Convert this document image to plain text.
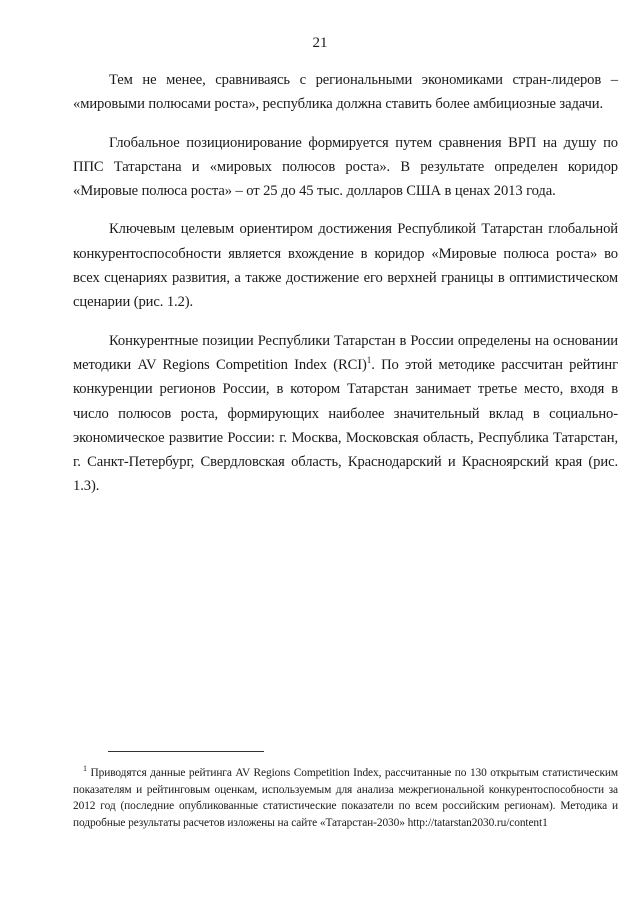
21

Тем не менее, сравниваясь с региональными экономиками стран-лидеров – «мировыми полюсами роста», республика должна ставить более амбициозные задачи.

Глобальное позиционирование формируется путем сравнения ВРП на душу по ППС Татарстана и «мировых полюсов роста». В результате определен коридор «Мировые полюса роста» – от 25 до 45 тыс. долларов США в ценах 2013 года.

Ключевым целевым ориентиром достижения Республикой Татарстан глобальной конкурентоспособности является вхождение в коридор «Мировые полюса роста» во всех сценариях развития, а также достижение его верхней границы в оптимистическом сценарии (рис. 1.2).

Конкурентные позиции Республики Татарстан в России определены на основании методики AV Regions Competition Index (RCI)$^1$. По этой методике рассчитан рейтинг конкуренции регионов России, в котором Татарстан занимает третье место, входя в число полюсов роста, формирующих наиболее значительный вклад в социально-экономическое развитие России: г. Москва, Московская область, Республика Татарстан, г. Санкт-Петербург, Свердловская область, Краснодарский и Красноярский края (рис. 1.3).

$^1$ Приводятся данные рейтинга AV Regions Competition Index, рассчитанные по 130 открытым статистическим показателям и рейтинговым оценкам, используемым для анализа межрегиональной конкурентоспособности за 2012 год (последние опубликованные статистические показатели по всем российским регионам). Методика и подробные результаты расчетов изложены на сайте «Татарстан-2030» http://tatarstan2030.ru/content1
